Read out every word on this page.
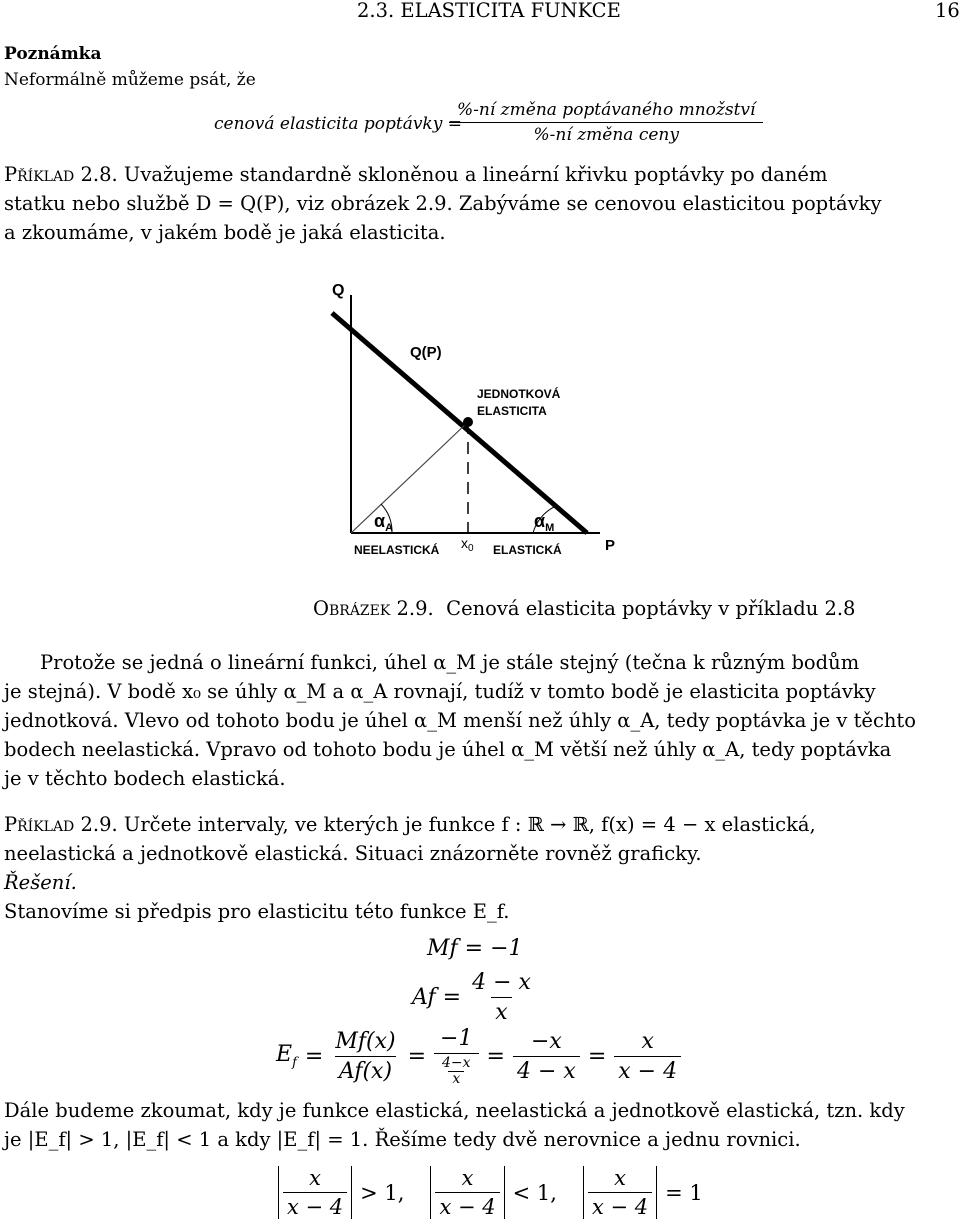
2.3. ELASTICITA FUNKCE	16
Poznámka
Neformálně můžeme psát, že
cenová elasticita poptávky =
%-ní změna poptávaného množství
%-ní změna ceny
Příklad 2.8. Uvažujeme standardně skloněnou a lineární křivku poptávky po daném
statku nebo službě D = Q(P), viz obrázek 2.9. Zabýváme se cenovou elasticitou poptávky
a zkoumáme, v jakém bodě je jaká elasticita.
Q
P
Q(P)
JEDNOTKOVÁ
ELASTICITA
$\alpha_A$	$\alpha_M$
$x_0$
NEELASTICKÁ	ELASTICKÁ
Obrázek 2.9. Cenová elasticita poptávky v příkladu 2.8
Protože se jedná o lineární funkci, úhel α_M je stále stejný (tečna k různým bodům
je stejná). V bodě x₀ se úhly α_M a α_A rovnají, tudíž v tomto bodě je elasticita poptávky
jednotková. Vlevo od tohoto bodu je úhel α_M menší než úhly α_A, tedy poptávka je v těchto
bodech neelastická. Vpravo od tohoto bodu je úhel α_M větší než úhly α_A, tedy poptávka
je v těchto bodech elastická.
Příklad 2.9. Určete intervaly, ve kterých je funkce f : ℝ → ℝ, f(x) = 4 − x elastická,
neelastická a jednotkově elastická. Situaci znázorněte rovněž graficky.
Řešení.
Stanovíme si předpis pro elasticitu této funkce E_f.
Mf = −1
Af =
$\frac{4 - x}{x}$
$E_f = \frac{Mf(x)}{Af(x)} = \frac{-1}{\frac{4-x}{x}} = \frac{-x}{4 - x} = \frac{x}{x - 4}$
Dále budeme zkoumat, kdy je funkce elastická, neelastická a jednotkově elastická, tzn. kdy
je |E_f| > 1, |E_f| < 1 a kdy |E_f| = 1. Řešíme tedy dvě nerovnice a jednu rovnici.
$\frac{x}{x - 4} > 1$, $\frac{x}{x - 4} < 1$, $\frac{x}{x - 4} = 1$
